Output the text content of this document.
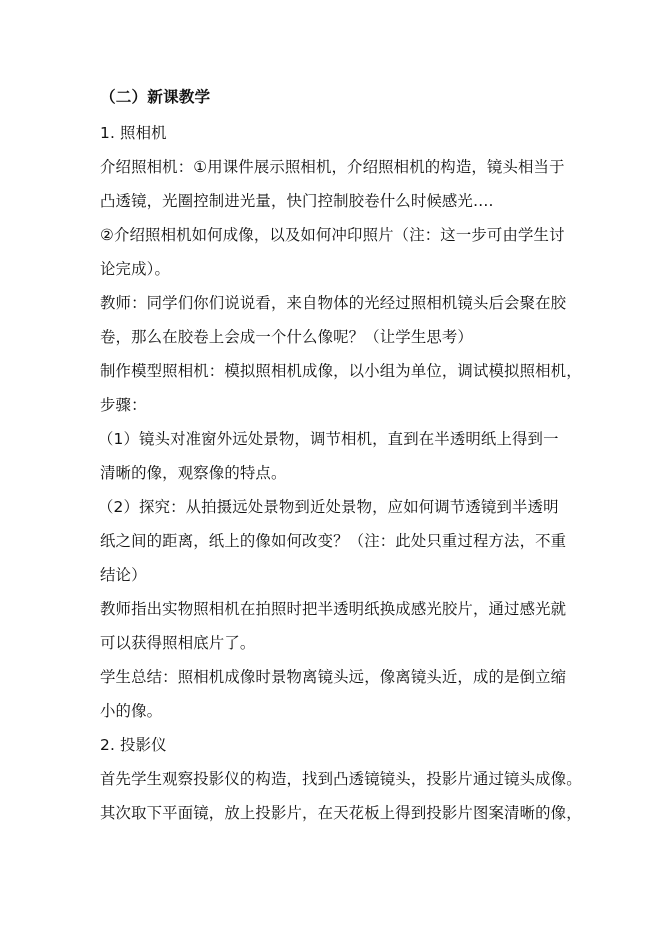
（二）新课教学
1. 照相机
介绍照相机：①用课件展示照相机，介绍照相机的构造，镜头相当于
凸透镜，光圈控制进光量，快门控制胶卷什么时候感光….
②介绍照相机如何成像，以及如何冲印照片（注：这一步可由学生讨
论完成）。
教师：同学们你们说说看，来自物体的光经过照相机镜头后会聚在胶
卷，那么在胶卷上会成一个什么像呢？（让学生思考）
制作模型照相机：模拟照相机成像，以小组为单位，调试模拟照相机，
步骤：
（1）镜头对准窗外远处景物，调节相机，直到在半透明纸上得到一
清晰的像，观察像的特点。
（2）探究：从拍摄远处景物到近处景物，应如何调节透镜到半透明
纸之间的距离，纸上的像如何改变？（注：此处只重过程方法，不重
结论）
教师指出实物照相机在拍照时把半透明纸换成感光胶片，通过感光就
可以获得照相底片了。
学生总结：照相机成像时景物离镜头远，像离镜头近，成的是倒立缩
小的像。
2. 投影仪
首先学生观察投影仪的构造，找到凸透镜镜头，投影片通过镜头成像。
其次取下平面镜，放上投影片，在天花板上得到投影片图案清晰的像，
